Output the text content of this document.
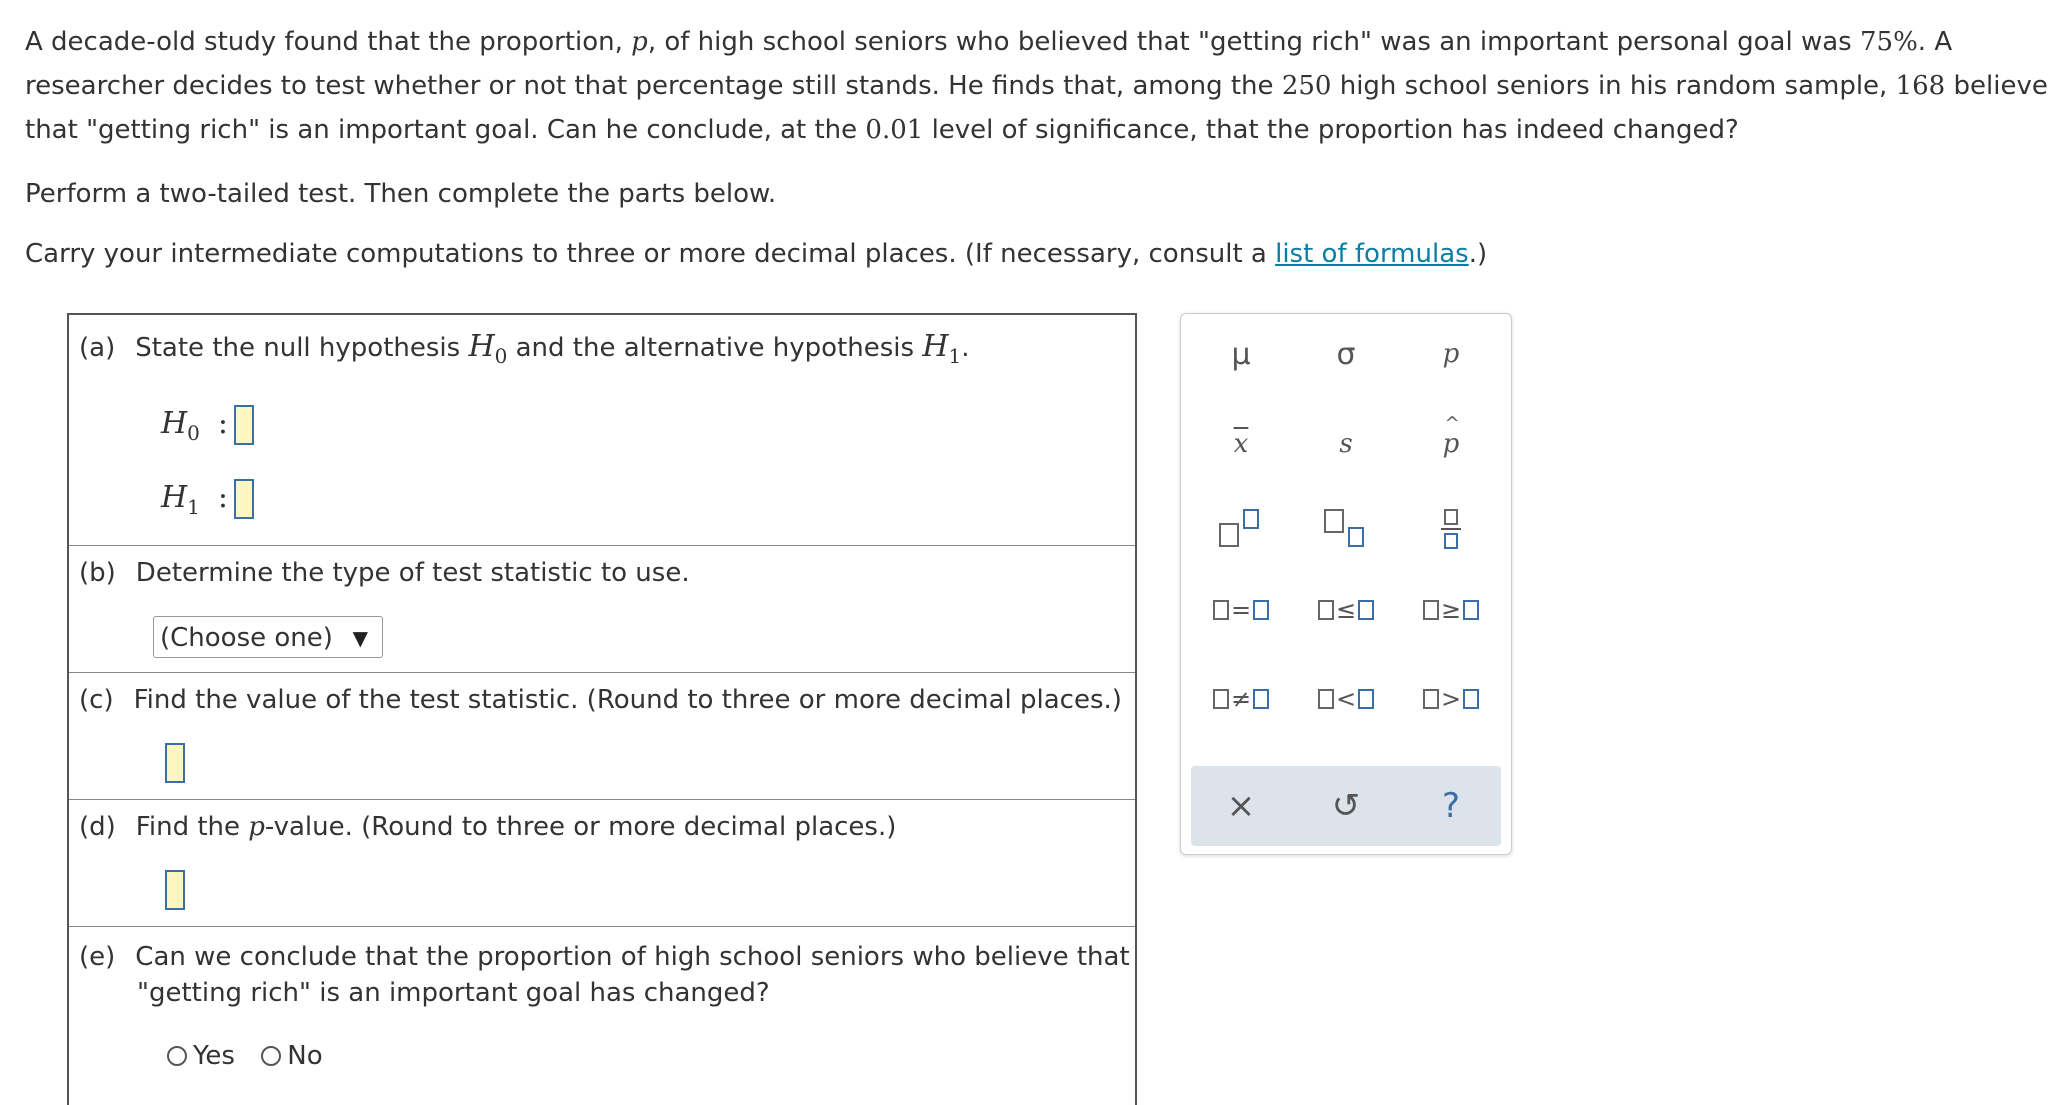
A decade-old study found that the proportion, p, of high school seniors who believed that "getting rich" was an important personal goal was 75%. A researcher decides to test whether or not that percentage still stands. He finds that, among the 250 high school seniors in his random sample, 168 believe that "getting rich" is an important goal. Can he conclude, at the 0.01 level of significance, that the proportion has indeed changed?

Perform a two-tailed test. Then complete the parts below.

Carry your intermediate computations to three or more decimal places. (If necessary, consult a list of formulas.)

(a) State the null hypothesis $H_0$ and the alternative hypothesis $H_1$.
$H_0$ :
$H_1$ :
(b) Determine the type of test statistic to use.
(Choose one) ▼
(c) Find the value of the test statistic. (Round to three or more decimal places.)
(d) Find the p-value. (Round to three or more decimal places.)
(e) Can we conclude that the proportion of high school seniors who believe that
"getting rich" is an important goal has changed?
Yes
No
μ	σ	p
$\overline{x}$	s	p
^
=	≤	≥
≠	<	>
× ↺ ?
